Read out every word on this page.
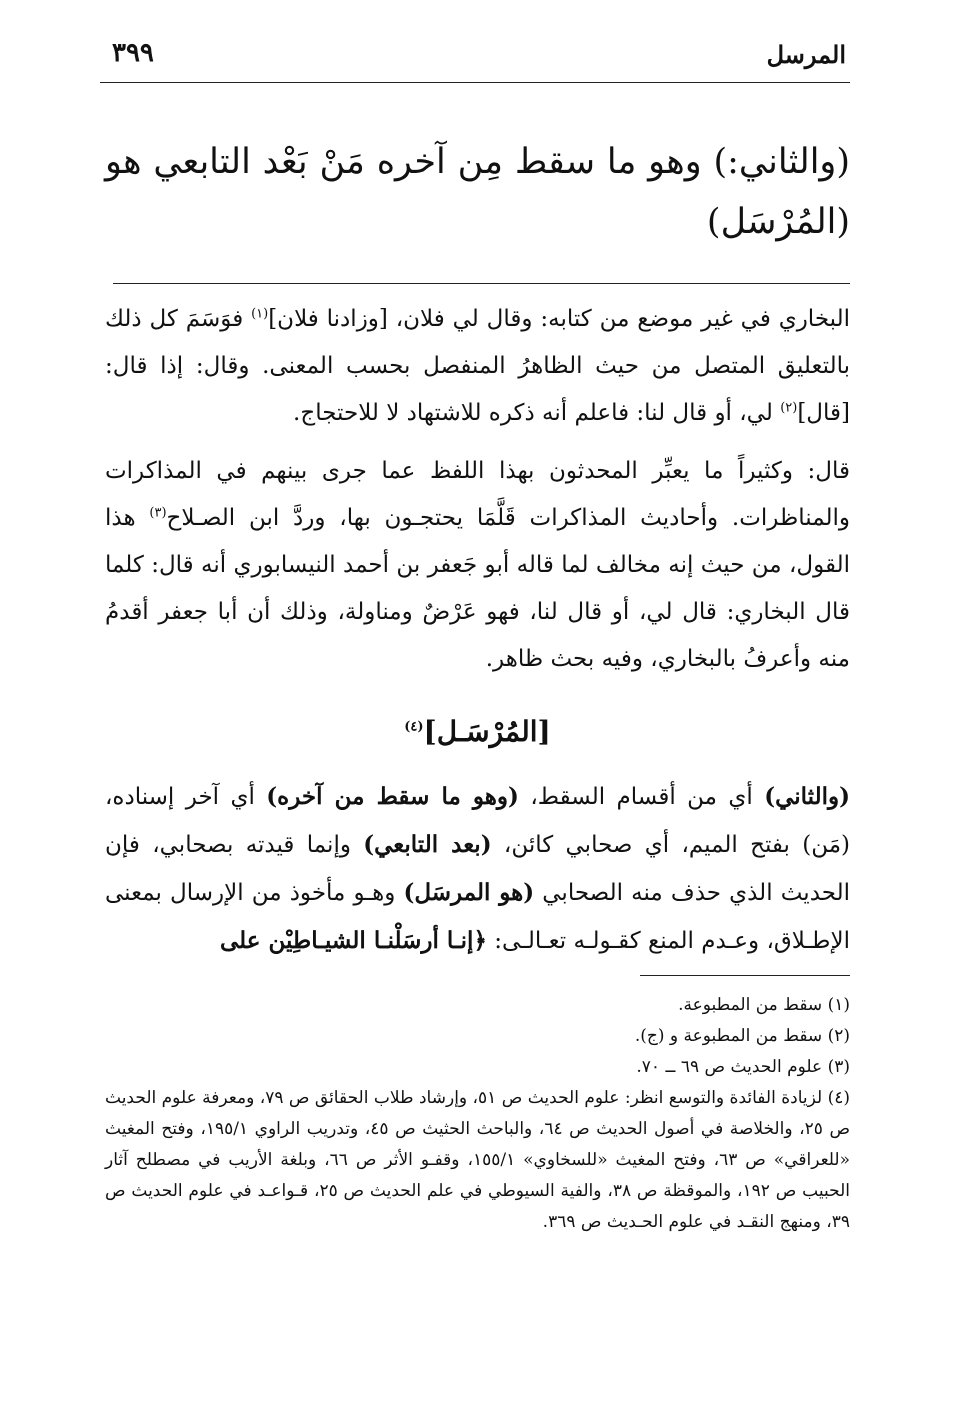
٣٩٩	المرسل
(والثاني:) وهو ما سقط مِن آخره مَنْ بَعْد التابعي هو (المُرْسَل)

البخاري في غير موضع من كتابه: وقال لي فلان، [وزادنا فلان]$^{(١)}$ فوَسَمَ كل ذلك بالتعليق المتصل من حيث الظاهرُ المنفصل بحسب المعنى. وقال: إذا قال: [قال]$^{(٢)}$ لي، أو قال لنا: فاعلم أنه ذكره للاشتهاد لا للاحتجاج.

قال: وكثيراً ما يعبِّر المحدثون بهذا اللفظ عما جرى بينهم في المذاكرات والمناظرات. وأحاديث المذاكرات قَلَّمَا يحتجـون بها، وردَّ ابن الصـلاح$^{(٣)}$ هذا القول، من حيث إنه مخالف لما قاله أبو جَعفر بن أحمد النيسابوري أنه قال: كلما قال البخاري: قال لي، أو قال لنا، فهو عَرْضٌ ومناولة، وذلك أن أبا جعفر أقدمُ منه وأعرفُ بالبخاري، وفيه بحث ظاهر.

[المُرْسَـل]$^{(٤)}$

(والثاني) أي من أقسام السقط، (وهو ما سقط من آخره) أي آخر إسناده، (مَن) بفتح الميم، أي صحابي كائن، (بعد التابعي) وإنما قيدته بصحابي، فإن الحديث الذي حذف منه الصحابي (هو المرسَل) وهـو مأخوذ من الإرسال بمعنى الإطـلاق، وعـدم المنع كقـولـه تعـالـى: ﴿إنـا أرسَلْنـا الشيـاطِيْن على

(١) سقط من المطبوعة.

(٢) سقط من المطبوعة و (ج).

(٣) علوم الحديث ص ٦٩ ــ ٧٠.

(٤) لزيادة الفائدة والتوسع انظر: علوم الحديث ص ٥١، وإرشاد طلاب الحقائق ص ٧٩، ومعرفة علوم الحديث ص ٢٥، والخلاصة في أصول الحديث ص ٦٤، والباحث الحثيث ص ٤٥، وتدريب الراوي ١٩٥/١، وفتح المغيث «للعراقي» ص ٦٣، وفتح المغيث «للسخاوي» ١٥٥/١، وقفـو الأثر ص ٦٦، وبلغة الأريب في مصطلح آثار الحبيب ص ١٩٢، والموقظة ص ٣٨، والفية السيوطي في علم الحديث ص ٢٥، قـواعـد في علوم الحديث ص ٣٩، ومنهج النقـد في علوم الحـديث ص ٣٦٩.
